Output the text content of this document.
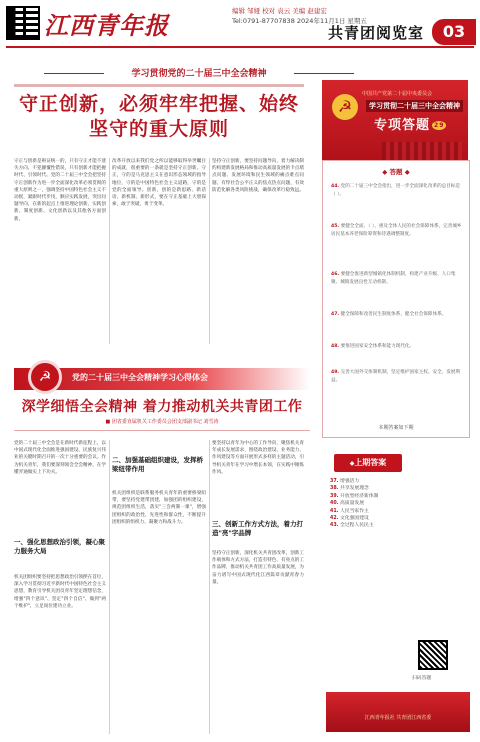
江西青年报	编辑 邹娅 校对 袁云 美编 赵建宏
Tel:0791-87707838 2024年11月1日 星期五
共青团阅览室	03
学习贯彻党的二十届三中全会精神
守正创新，必须牢牢把握、始终
坚守的重大原则
守正与创新是辩证统一的，只有守正才能不迷失方向、不犯颠覆性错误，只有创新才能把握时代、引领时代。党的二十届三中全会把坚持守正创新作为进一步全面深化改革必须贯彻的重大原则之一，强调坚持中国特色社会主义不动摇，紧跟时代步伐，顺应实践发展，突出问题导向，在新的起点上推进理论创新、实践创新、制度创新、文化创新以及其他各方面创新。
改革开放以来我们党之所以能够取得举世瞩目的成就，很重要的一条就是坚持守正创新。守正，守的是马克思主义在意识形态领域的指导地位，守的是中国特色社会主义道路，守的是党的全面领导。创新，创的是新思路、新话语、新机制、新形式，要在守正基础上大胆探索，敢于突破，勇于变革。
坚持守正创新，要坚持问题导向，着力解决制约构建新发展格局和推动高质量发展的卡点堵点问题、发展环境和民生领域的痛点难点问题、有悖社会公平正义的焦点热点问题，有效防范化解各类风险挑战，确保改革行稳致远。
☭
中国共产党第二十届中央委员会
学习贯彻二十届三中全会精神
专项答题 29
◆ 答题 ◆
44. 党的二十届三中全会指出，进一步全面深化改革的总目标是（ ）。
45. 要健全全面、（ ）、惠及全体人民的社会保障体系，完善城乡居民基本养老保险筹资和待遇调整制度。
46. 要健全推进新型城镇化体制机制，构建产业升级、人口集聚、城镇发展良性互动机制。
47. 健全保障和改善民生制度体系，健全社会保障体系。
48. 要推进国家安全体系和能力现代化。
49. 完善大国外交体制机制，坚定维护国家主权、安全、发展利益。
本期答案如下期
☭	党的二十届三中全会精神学习心得体会
深学细悟全会精神 着力推动机关共青团工作
■ 团省委直属机关工作委员会团支部副书记 刘雪涛
党的二十届三中全会是在新时代新征程上，以中国式现代化全面推进强国建设、民族复兴伟业的关键时期召开的一次十分重要的会议。作为机关青年，我们要深刻领会全会精神，在学懂弄通做实上下功夫。
一、强化思想政治引领，凝心聚力服务大局
机关团组织要坚持把思想政治引领摆在首位，深入学习贯彻习近平新时代中国特色社会主义思想，教育引导机关团员青年坚定理想信念，增强"四个意识"、坚定"四个自信"、做到"两个维护"，立足岗位建功立业。
二、加强基础组织建设，发挥桥梁纽带作用
机关团组织是联系服务机关青年的重要桥梁纽带，要坚持党建带团建，加强团的组织建设，规范团组织生活，落实"三会两制一课"，增强团组织的政治性、先进性和群众性，不断提升团组织的组织力、凝聚力和战斗力。
要坚持以青年为中心的工作导向，聚焦机关青年成长发展需求，围绕政治建设、业务能力、作风建设等方面开展形式多样的主题活动，引导机关青年在学习中增长本领，在实践中锤炼作风。
三、创新工作方式方法，着力打造"亮"字品牌
坚持守正创新，深化机关共青团改革，创新工作载体和方式方法，打造有特色、有亮点的工作品牌，推动机关共青团工作高质量发展，为奋力谱写中国式现代化江西篇章贡献青春力量。
◆ 上期答案
37. 增强活力
38. 共享发展理念
39. 开放型经济新体制
40. 高质量发展
41. 人民当家作主
42. 文化强国建设
43. 全过程人民民主
扫码答题
江西青年报社 共青团江西省委
